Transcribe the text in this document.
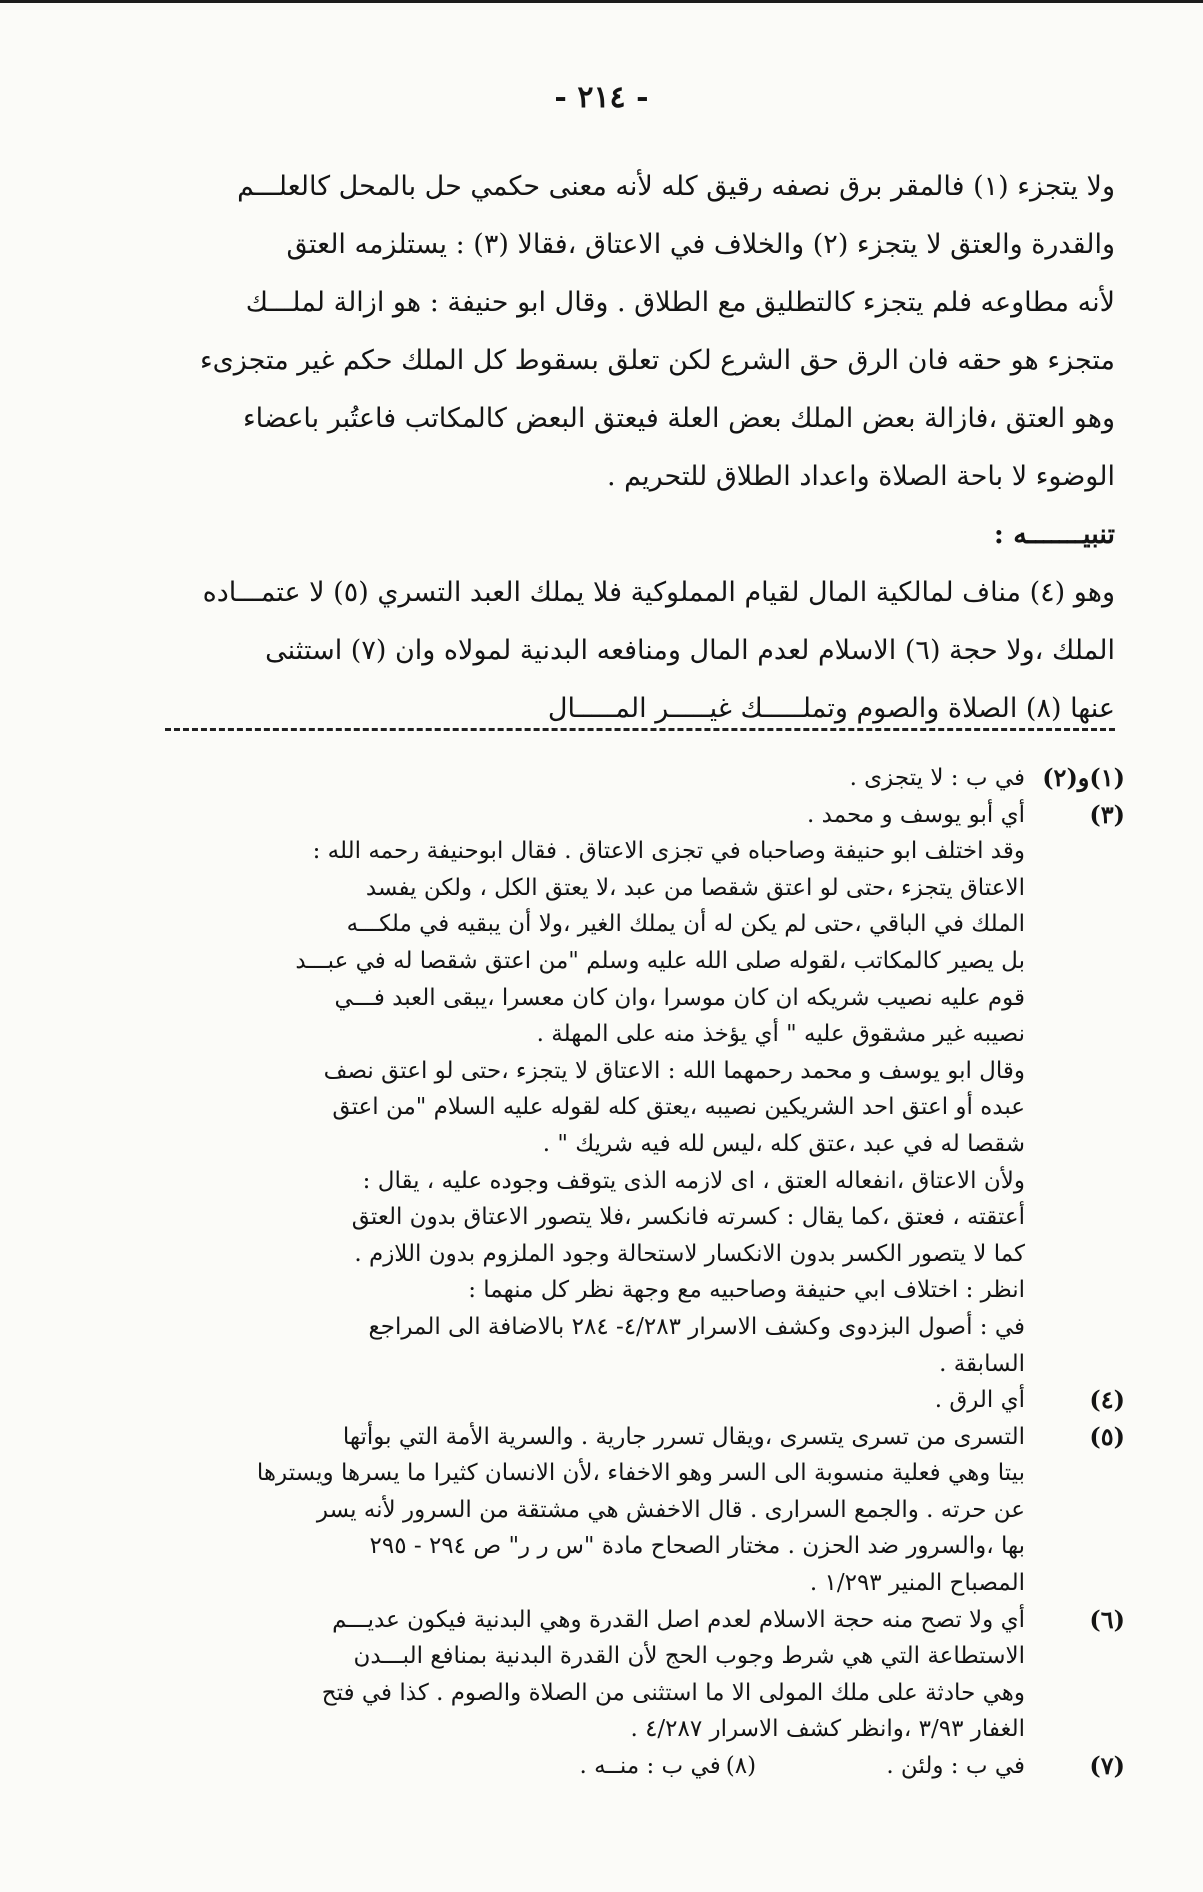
- ٢١٤ -
ولا يتجزء (١) فالمقر برق نصفه رقيق كله لأنه معنى حكمي حل بالمحل كالعلـــم
والقدرة والعتق لا يتجزء (٢) والخلاف في الاعتاق ،فقالا (٣) : يستلزمه العتق
لأنه مطاوعه فلم يتجزء كالتطليق مع الطلاق . وقال ابو حنيفة : هو ازالة لملـــك
متجزء هو حقه فان الرق حق الشرع لكن تعلق بسقوط كل الملك حكم غير متجزىء
وهو العتق ،فازالة بعض الملك بعض العلة فيعتق البعض كالمكاتب فاعتُبر باعضاء
الوضوء لا باحة الصلاة واعداد الطلاق للتحريم .
تنبيـــــــه :
وهو (٤) مناف لمالكية المال لقيام المملوكية فلا يملك العبد التسري (٥) لا عتمـــاده
الملك ،ولا حجة (٦) الاسلام لعدم المال ومنافعه البدنية لمولاه وان (٧) استثنى
عنها (٨) الصلاة والصوم وتملـــــك غيـــــر المـــــال
(١)و(٢)
في ب : لا يتجزى .
(٣)
أي أبو يوسف و محمد .
وقد اختلف ابو حنيفة وصاحباه في تجزى الاعتاق . فقال ابوحنيفة رحمه الله :
الاعتاق يتجزء ،حتى لو اعتق شقصا من عبد ،لا يعتق الكل ، ولكن يفسد
الملك في الباقي ،حتى لم يكن له أن يملك الغير ،ولا أن يبقيه في ملكـــه
بل يصير كالمكاتب ،لقوله صلى الله عليه وسلم "من اعتق شقصا له في عبـــد
قوم عليه نصيب شريكه ان كان موسرا ،وان كان معسرا ،يبقى العبد فـــي
نصيبه غير مشقوق عليه " أي يؤخذ منه على المهلة .
وقال ابو يوسف و محمد رحمهما الله : الاعتاق لا يتجزء ،حتى لو اعتق نصف
عبده أو اعتق احد الشريكين نصيبه ،يعتق كله لقوله عليه السلام "من اعتق
شقصا له في عبد ،عتق كله ،ليس لله فيه شريك " .
ولأن الاعتاق ،انفعاله العتق ، اى لازمه الذى يتوقف وجوده عليه ، يقال :
أعتقته ، فعتق ،كما يقال : كسرته فانكسر ،فلا يتصور الاعتاق بدون العتق
كما لا يتصور الكسر بدون الانكسار لاستحالة وجود الملزوم بدون اللازم .
انظر : اختلاف ابي حنيفة وصاحبيه مع وجهة نظر كل منهما :
في : أصول البزدوى وكشف الاسرار ٤/٢٨٣- ٢٨٤ بالاضافة الى المراجع
السابقة .
(٤)
أي الرق .
(٥)
التسرى من تسرى يتسرى ،ويقال تسرر جارية . والسرية الأمة التي بوأتها
بيتا وهي فعلية منسوبة الى السر وهو الاخفاء ،لأن الانسان كثيرا ما يسرها ويسترها
عن حرته . والجمع السرارى . قال الاخفش هي مشتقة من السرور لأنه يسر
بها ،والسرور ضد الحزن . مختار الصحاح مادة "س ر ر" ص ٢٩٤ - ٢٩٥
المصباح المنير ١/٢٩٣ .
(٦)
أي ولا تصح منه حجة الاسلام لعدم اصل القدرة وهي البدنية فيكون عديـــم
الاستطاعة التي هي شرط وجوب الحج لأن القدرة البدنية بمنافع البـــدن
وهي حادثة على ملك المولى الا ما استثنى من الصلاة والصوم . كذا في فتح
الغفار ٣/٩٣ ،وانظر كشف الاسرار ٤/٢٨٧ .
(٧)
في ب : ولئن .  (٨) في ب : منــه .
